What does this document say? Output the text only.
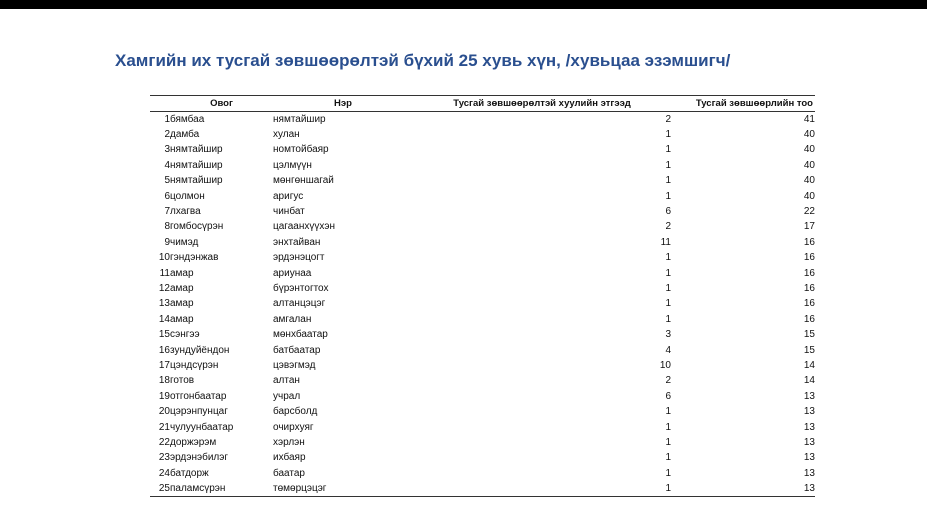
Хамгийн их тусгай зөвшөөрөлтэй бүхий 25 хувь хүн, /хувьцаа эзэмшигч/
	Овог	Нэр	Тусгай зөвшөөрөлтэй хуулийн этгээд	Тусгай зөвшөөрлийн тоо
1	бямбаа	нямтайшир	2	41
2	дамба	хулан	1	40
3	нямтайшир	номтойбаяр	1	40
4	нямтайшир	цэлмүүн	1	40
5	нямтайшир	мөнгөншагай	1	40
6	цолмон	аригус	1	40
7	лхагва	чинбат	6	22
8	гомбосүрэн	цагаанхүүхэн	2	17
9	чимэд	энхтайван	11	16
10	гэндэнжав	эрдэнэцогт	1	16
11	амар	ариунаа	1	16
12	амар	бүрэнтогтох	1	16
13	амар	алтанцэцэг	1	16
14	амар	амгалан	1	16
15	сэнгээ	мөнхбаатар	3	15
16	зундуйёндон	батбаатар	4	15
17	цэндсүрэн	цэвэгмэд	10	14
18	готов	алтан	2	14
19	отгонбаатар	учрал	6	13
20	цэрэнпунцаг	барсболд	1	13
21	чулуунбаатар	очирхуяг	1	13
22	доржэрэм	хэрлэн	1	13
23	эрдэнэбилэг	ихбаяр	1	13
24	батдорж	баатар	1	13
25	паламсүрэн	төмөрцэцэг	1	13
